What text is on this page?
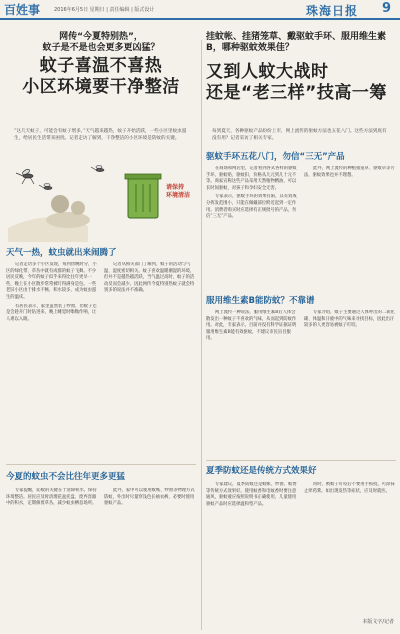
百姓事	2016年6月5日 星期日 | 责任编辑 | 版式设计	珠海日报 9

网传“今夏特别热”，

蚊子是不是也会更多更凶猛？

蚊子喜温不喜热

小区环境要干净整洁

“这几天蚊子，可能会有蚊子增多。”天气越来越热，蚊子开始活跃，一些小区里蚊虫滋生，给居民生活带来困扰。记者走访了解到，干净整洁的小区环境是防蚊的关键。

请保持
环境清洁

天气一热，蚊虫就出来闹腾了

记者走访多个小区发现，每到傍晚时分，小区的绿化带、草丛中就有成群的蚊子飞舞。不少居民反映，今年的蚊子似乎来得比往年更早一些，晚上在小区散步常常被叮得满身是包。一些老旧小区由于排水不畅，积水较多，成为蚊虫滋生的温床。

有居民表示，家里虽然装了纱窗，但蚊子还是会趁开门时钻进来，晚上睡觉时嗡嗡作响，让人难以入眠。

记者从相关部门了解到，蚊子的活动与气温、湿度密切相关。蚊子喜欢温暖潮湿的环境，但并不是越热越活跃，当气温过高时，蚊子的活动反而会减少。因此网传今夏特别热蚊子就会特别多的说法并不准确。

今夏的蚊虫不会比往年更多更猛

专家提醒，防蚊的关键在于清除积水，保持环境整洁。居民应及时清理花盆托盘、废弃容器中的积水，定期修剪草丛，减少蚊虫栖息场所。

此外，家中可以使用蚊帐、纱窗等物理方式防蚊，外出时尽量穿浅色长袖衣裤，必要时使用驱蚊产品。

挂蚊帐、挂猪笼草、戴驱蚊手环、服用维生素B，哪种驱蚊效果佳？

又到人蚊大战时

还是“老三样”技高一筹

每到夏天，各种驱蚊产品纷纷上市，网上流传的驱蚊方法也五花八门。这些方法到底有没有用？记者采访了相关专家。

驱蚊手环五花八门，勿信“三无”产品

在商场和网店里，记者看到各式各样的驱蚊手环、驱蚊贴、驱蚊扣，价格从几元到几十元不等。商家宣称这些产品采用天然植物精油，可以长时间驱蚊，对孩子和孕妇安全无害。

专家表示，驱蚊手环的效果有限，其有效成分挥发范围小，只能在佩戴部位附近起到一定作用。消费者购买时应选择有正规批号的产品，勿信“三无”产品。

此外，网上流传的种植猪笼草、驱蚊草等方法，驱蚊效果也并不理想。

服用维生素B能防蚊？不靠谱

网上流传一种说法，服用维生素B后人体会散发出一种蚊子不喜欢的气味，从而起到防蚊作用。对此，专家表示，目前并没有科学证据证明服用维生素B能有效驱蚊，不建议市民盲目服用。

专家介绍，蚊子主要通过人体呼出的二氧化碳、体温和汗液中的气味来寻找目标，因此出汗较多的人更容易被蚊子叮咬。

夏季防蚊还是传统方式效果好

专家建议，夏季防蚊还是蚊帐、纱窗、蚊香等传统方式效果好。使用蚊香和电蚊香时要注意通风，驱蚊液应按照说明书正确使用，儿童使用驱蚊产品时应选择温和型产品。

同时，被蚊子叮咬后不要用手抓挠，可涂抹止痒药膏。如出现发热等症状，应及时就医。

本版文字/记者
